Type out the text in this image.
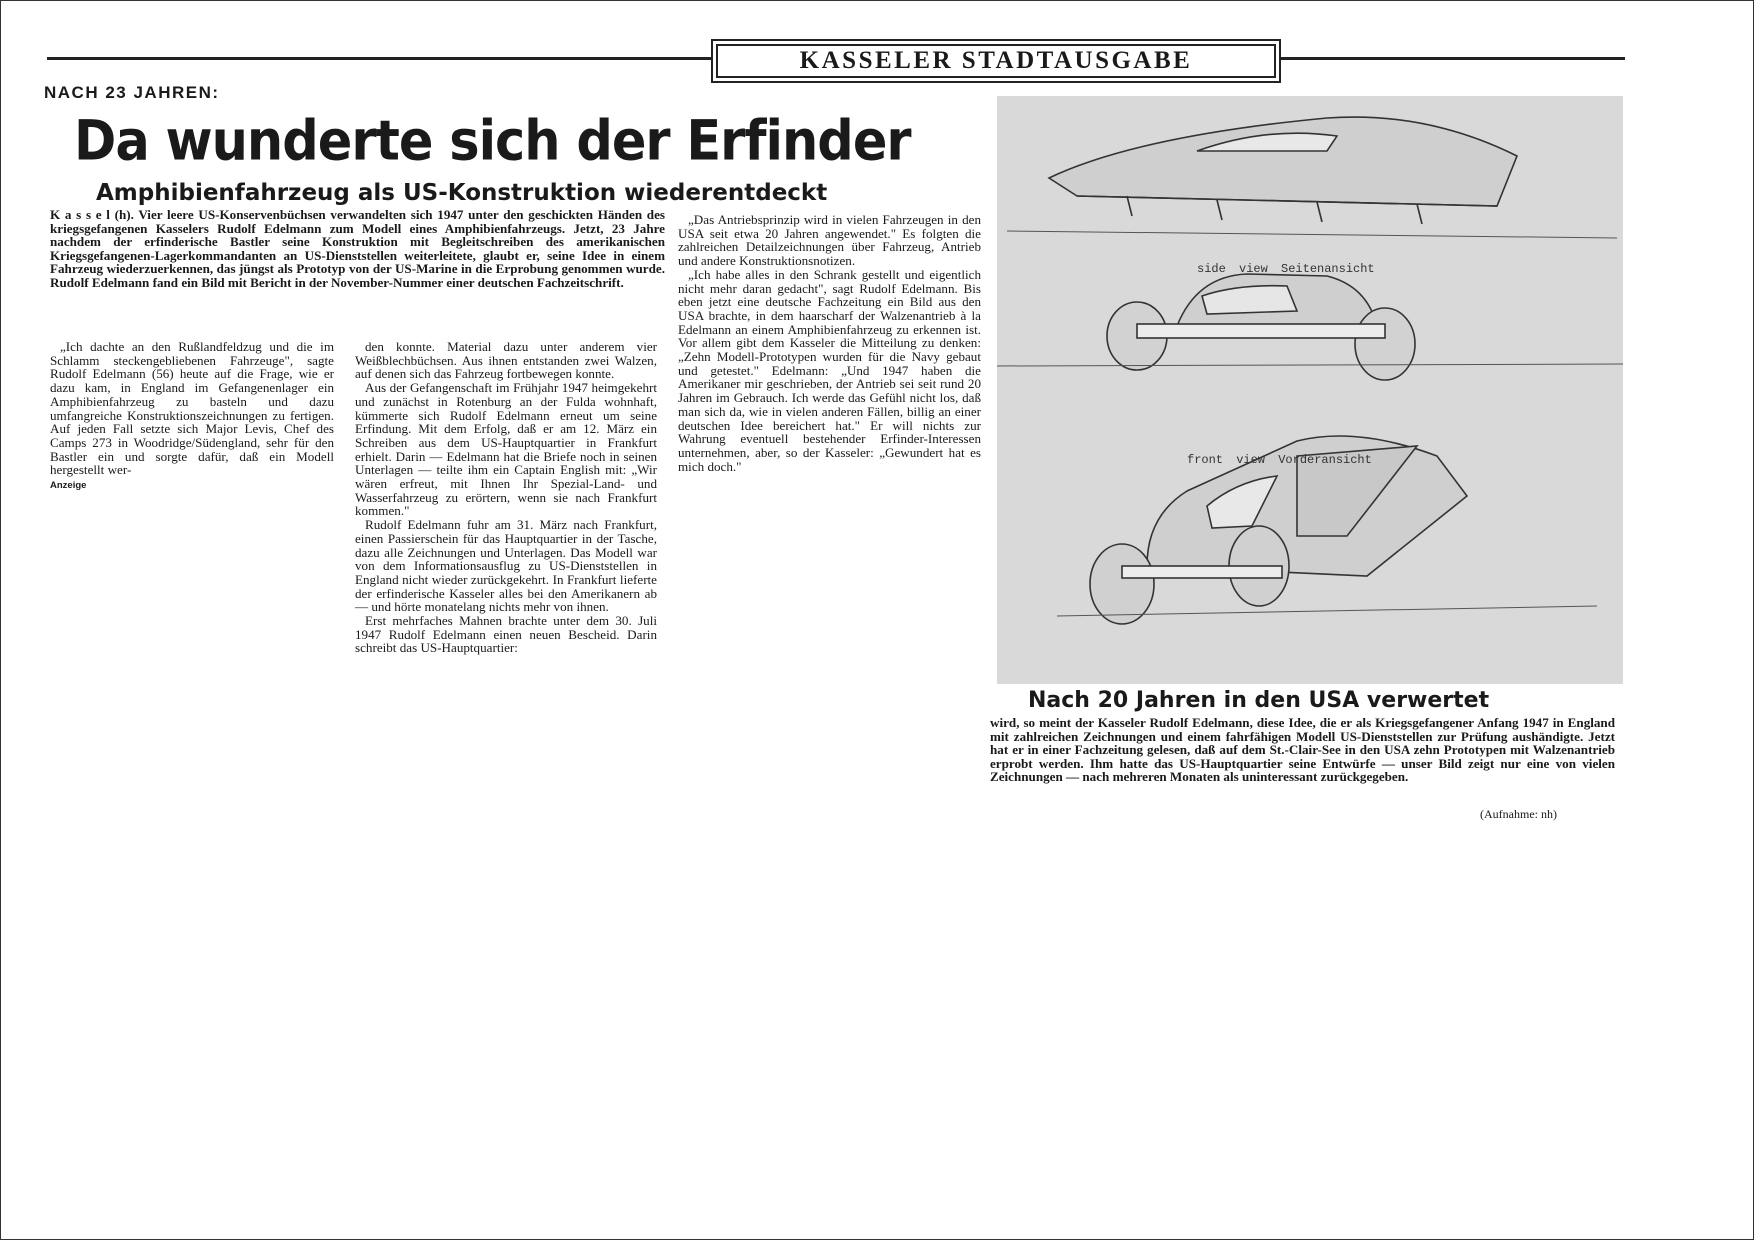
KASSELER STADTAUSGABE
NACH 23 JAHREN:
Da wunderte sich der Erfinder
Amphibienfahrzeug als US-Konstruktion wiederentdeckt
K a s s e l (h). Vier leere US-Konservenbüchsen verwandelten sich 1947 unter den geschickten Händen des kriegsgefangenen Kasselers Rudolf Edelmann zum Modell eines Amphibienfahrzeugs. Jetzt, 23 Jahre nachdem der erfinderische Bastler seine Konstruktion mit Begleitschreiben des amerikanischen Kriegsgefangenen-Lagerkommandanten an US-Dienststellen weiterleitete, glaubt er, seine Idee in einem Fahrzeug wiederzuerkennen, das jüngst als Prototyp von der US-Marine in die Erprobung genommen wurde. Rudolf Edelmann fand ein Bild mit Bericht in der November-Nummer einer deutschen Fachzeitschrift.

„Ich dachte an den Rußlandfeldzug und die im Schlamm steckengebliebenen Fahrzeuge", sagte Rudolf Edelmann (56) heute auf die Frage, wie er dazu kam, in England im Gefangenenlager ein Amphibienfahrzeug zu basteln und dazu umfangreiche Konstruktionszeichnungen zu fertigen. Auf jeden Fall setzte sich Major Levis, Chef des Camps 273 in Woodridge/Südengland, sehr für den Bastler ein und sorgte dafür, daß ein Modell hergestellt wer-

Anzeige

den konnte. Material dazu unter anderem vier Weißblechbüchsen. Aus ihnen entstanden zwei Walzen, auf denen sich das Fahrzeug fortbewegen konnte.

Aus der Gefangenschaft im Frühjahr 1947 heimgekehrt und zunächst in Rotenburg an der Fulda wohnhaft, kümmerte sich Rudolf Edelmann erneut um seine Erfindung. Mit dem Erfolg, daß er am 12. März ein Schreiben aus dem US-Hauptquartier in Frankfurt erhielt. Darin — Edelmann hat die Briefe noch in seinen Unterlagen — teilte ihm ein Captain English mit: „Wir wären erfreut, mit Ihnen Ihr Spezial-Land- und Wasserfahrzeug zu erörtern, wenn sie nach Frankfurt kommen."

Rudolf Edelmann fuhr am 31. März nach Frankfurt, einen Passierschein für das Hauptquartier in der Tasche, dazu alle Zeichnungen und Unterlagen. Das Modell war von dem Informationsausflug zu US-Dienststellen in England nicht wieder zurückgekehrt. In Frankfurt lieferte der erfinderische Kasseler alles bei den Amerikanern ab — und hörte monatelang nichts mehr von ihnen.

Erst mehrfaches Mahnen brachte unter dem 30. Juli 1947 Rudolf Edelmann einen neuen Bescheid. Darin schreibt das US-Hauptquartier:

„Das Antriebsprinzip wird in vielen Fahrzeugen in den USA seit etwa 20 Jahren angewendet." Es folgten die zahlreichen Detailzeichnungen über Fahrzeug, Antrieb und andere Konstruktionsnotizen.

„Ich habe alles in den Schrank gestellt und eigentlich nicht mehr daran gedacht", sagt Rudolf Edelmann. Bis eben jetzt eine deutsche Fachzeitung ein Bild aus den USA brachte, in dem haarscharf der Walzenantrieb à la Edelmann an einem Amphibienfahrzeug zu erkennen ist. Vor allem gibt dem Kasseler die Mitteilung zu denken: „Zehn Modell-Prototypen wurden für die Navy gebaut und getestet." Edelmann: „Und 1947 haben die Amerikaner mir geschrieben, der Antrieb sei seit rund 20 Jahren im Gebrauch. Ich werde das Gefühl nicht los, daß man sich da, wie in vielen anderen Fällen, billig an einer deutschen Idee bereichert hat." Er will nichts zur Wahrung eventuell bestehender Erfinder-Interessen unternehmen, aber, so der Kasseler: „Gewundert hat es mich doch."

side view Seitenansicht
front view Vorderansicht
Nach 20 Jahren in den USA verwertet
wird, so meint der Kasseler Rudolf Edelmann, diese Idee, die er als Kriegsgefangener Anfang 1947 in England mit zahlreichen Zeichnungen und einem fahrfähigen Modell US-Dienststellen zur Prüfung aushändigte. Jetzt hat er in einer Fachzeitung gelesen, daß auf dem St.-Clair-See in den USA zehn Prototypen mit Walzenantrieb erprobt werden. Ihm hatte das US-Hauptquartier seine Entwürfe — unser Bild zeigt nur eine von vielen Zeichnungen — nach mehreren Monaten als uninteressant zurückgegeben.
(Aufnahme: nh)
